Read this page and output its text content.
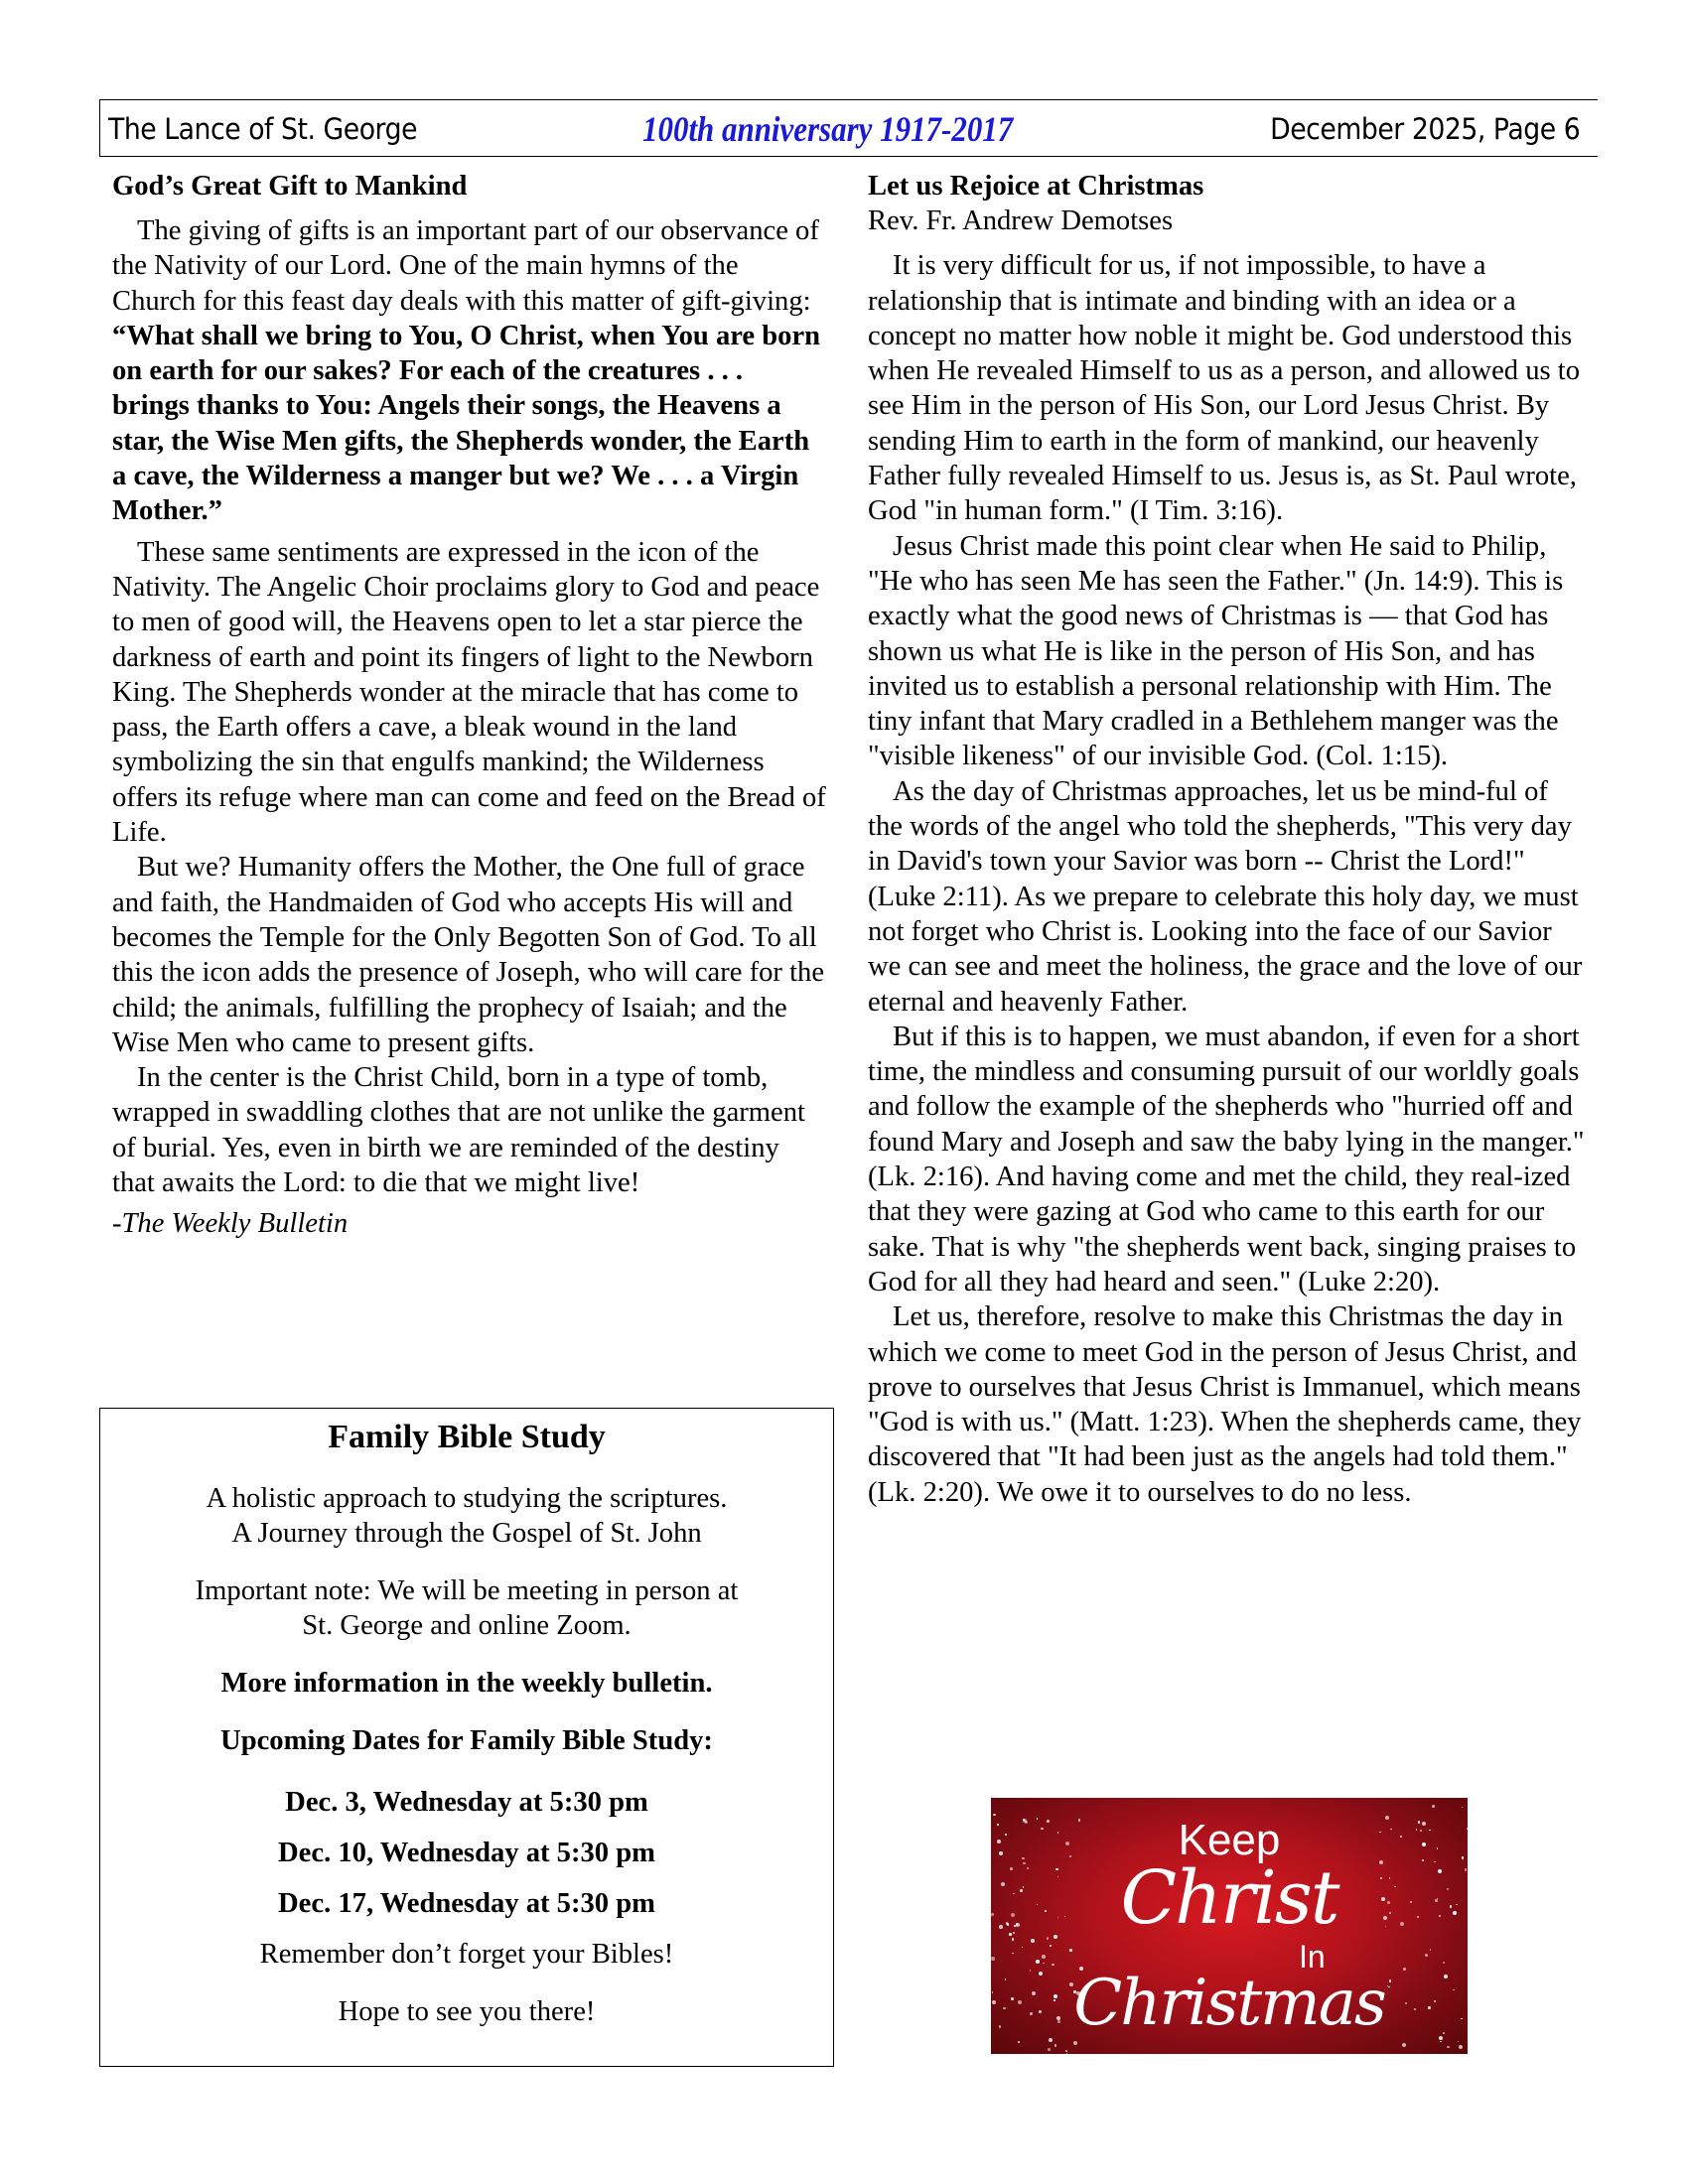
The Lance of St. George	100th anniversary 1917-2017	December 2025, Page 6
God’s Great Gift to Mankind

The giving of gifts is an important part of our observance of the Nativity of our Lord. One of the main hymns of the Church for this feast day deals with this matter of gift-giving: “What shall we bring to You, O Christ, when You are born on earth for our sakes? For each of the creatures . . . brings thanks to You: Angels their songs, the Heavens a star, the Wise Men gifts, the Shepherds wonder, the Earth a cave, the Wilderness a manger but we? We . . . a Virgin Mother.”

These same sentiments are expressed in the icon of the Nativity. The Angelic Choir proclaims glory to God and peace to men of good will, the Heavens open to let a star pierce the darkness of earth and point its fingers of light to the Newborn King. The Shepherds wonder at the miracle that has come to pass, the Earth offers a cave, a bleak wound in the land symbolizing the sin that engulfs mankind; the Wilderness offers its refuge where man can come and feed on the Bread of Life.

But we? Humanity offers the Mother, the One full of grace and faith, the Handmaiden of God who accepts His will and becomes the Temple for the Only Begotten Son of God. To all this the icon adds the presence of Joseph, who will care for the child; the animals, fulfilling the prophecy of Isaiah; and the Wise Men who came to present gifts.

In the center is the Christ Child, born in a type of tomb, wrapped in swaddling clothes that are not unlike the garment of burial. Yes, even in birth we are reminded of the destiny that awaits the Lord: to die that we might live!

-The Weekly Bulletin

Family Bible Study

A holistic approach to studying the scriptures.

A Journey through the Gospel of St. John

Important note: We will be meeting in person at

St. George and online Zoom.

More information in the weekly bulletin.

Upcoming Dates for Family Bible Study:

Dec. 3, Wednesday at 5:30 pm

Dec. 10, Wednesday at 5:30 pm

Dec. 17, Wednesday at 5:30 pm

Remember don’t forget your Bibles!

Hope to see you there!

Let us Rejoice at Christmas

Rev. Fr. Andrew Demotses

It is very difficult for us, if not impossible, to have a relationship that is intimate and binding with an idea or a concept no matter how noble it might be. God understood this when He revealed Himself to us as a person, and allowed us to see Him in the person of His Son, our Lord Jesus Christ. By sending Him to earth in the form of mankind, our heavenly Father fully revealed Himself to us. Jesus is, as St. Paul wrote, God "in human form." (I Tim. 3:16).

Jesus Christ made this point clear when He said to Philip, "He who has seen Me has seen the Father." (Jn. 14:9). This is exactly what the good news of Christmas is — that God has shown us what He is like in the person of His Son, and has invited us to establish a personal relationship with Him. The tiny infant that Mary cradled in a Bethlehem manger was the "visible likeness" of our invisible God. (Col. 1:15).

As the day of Christmas approaches, let us be mind-ful of the words of the angel who told the shepherds, "This very day in David's town your Savior was born -- Christ the Lord!" (Luke 2:11). As we prepare to celebrate this holy day, we must not forget who Christ is. Looking into the face of our Savior we can see and meet the holiness, the grace and the love of our eternal and heavenly Father.

But if this is to happen, we must abandon, if even for a short time, the mindless and consuming pursuit of our worldly goals and follow the example of the shepherds who "hurried off and found Mary and Joseph and saw the baby lying in the manger." (Lk. 2:16). And having come and met the child, they real-ized that they were gazing at God who came to this earth for our sake. That is why "the shepherds went back, singing praises to God for all they had heard and seen." (Luke 2:20).

Let us, therefore, resolve to make this Christmas the day in which we come to meet God in the person of Jesus Christ, and prove to ourselves that Jesus Christ is Immanuel, which means "God is with us." (Matt. 1:23). When the shepherds came, they discovered that "It had been just as the angels had told them." (Lk. 2:20). We owe it to ourselves to do no less.

Keep
Christ
In
Christmas
